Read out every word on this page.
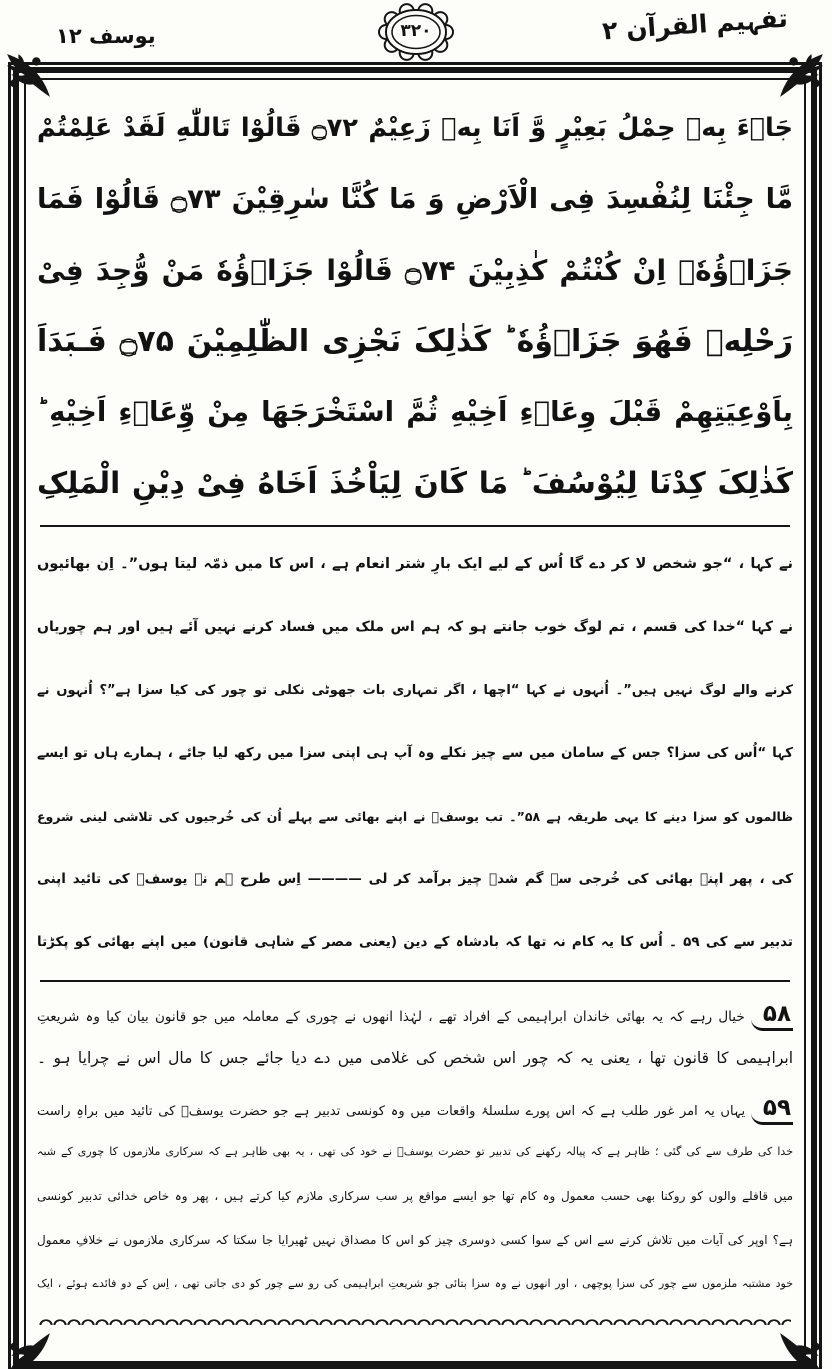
تفہیم القرآن ۲
یوسف ۱۲	۳۲۰
جَاۤءَ بِهٖ حِمْلُ بَعِیْرٍ وَّ اَنَا بِهٖ زَعِیْمٌ ۝۷۲ قَالُوْا تَاللّٰهِ لَقَدْ عَلِمْتُمْ
مَّا جِئْنَا لِنُفْسِدَ فِی الْاَرْضِ وَ مَا کُنَّا سٰرِقِیْنَ ۝۷۳ قَالُوْا فَمَا
جَزَاۤؤُهٗۤ اِنْ کُنْتُمْ کٰذِبِیْنَ ۝۷۴ قَالُوْا جَزَاۤؤُهٗ مَنْ وُّجِدَ فِیْ
رَحْلِهٖ فَهُوَ جَزَاۤؤُهٗ ؕ کَذٰلِکَ نَجْزِی الظّٰلِمِیْنَ ۝۷۵ فَـبَدَاَ
بِاَوْعِیَتِهِمْ قَبْلَ وِعَاۤءِ اَخِیْهِ ثُمَّ اسْتَخْرَجَهَا مِنْ وِّعَاۤءِ اَخِیْهِ ؕ
کَذٰلِکَ کِدْنَا لِیُوْسُفَ ؕ مَا کَانَ لِیَاْخُذَ اَخَاهُ فِیْ دِیْنِ الْمَلِکِ
نے کہا ، “جو شخص لا کر دے گا اُس کے لیے ایک بارِ شتر انعام ہے ، اس کا میں ذمّہ لیتا ہوں”۔ اِن بھائیوں
نے کہا “خدا کی قسم ، تم لوگ خوب جانتے ہو کہ ہم اس ملک میں فساد کرنے نہیں آئے ہیں اور ہم چوریاں
کرنے والے لوگ نہیں ہیں”۔ اُنہوں نے کہا “اچھا ، اگر تمہاری بات جھوٹی نکلی تو چور کی کیا سزا ہے”؟ اُنہوں نے
کہا “اُس کی سزا؟ جس کے سامان میں سے چیز نکلے وہ آپ ہی اپنی سزا میں رکھ لیا جائے ، ہمارے ہاں تو ایسے
ظالموں کو سزا دینے کا یہی طریقہ ہے ۵۸”۔ تب یوسفؑ نے اپنے بھائی سے پہلے اُن کی خُرجیوں کی تلاشی لینی شروع
کی ، پھر اپنے بھائی کی خُرجی سے گم شدہ چیز برآمد کر لی ———— اِس طرح ہم نے یوسفؑ کی تائید اپنی
تدبیر سے کی ۵۹ ۔ اُس کا یہ کام نہ تھا کہ بادشاہ کے دین (یعنی مصر کے شاہی قانون) میں اپنے بھائی کو پکڑتا
۵۸ خیال رہے کہ یہ بھائی خاندان ابراہیمی کے افراد تھے ، لہٰذا انھوں نے چوری کے معاملہ میں جو قانون بیان کیا وہ شریعتِ
ابراہیمی کا قانون تھا ، یعنی یہ کہ چور اس شخص کی غلامی میں دے دیا جائے جس کا مال اس نے چرایا ہو ۔
۵۹ یہاں یہ امر غور طلب ہے کہ اس پورے سلسلۂ واقعات میں وہ کونسی تدبیر ہے جو حضرت یوسفؑ کی تائید میں براہِ راست
خدا کی طرف سے کی گئی ؛ ظاہر ہے کہ پیالہ رکھنے کی تدبیر تو حضرت یوسفؑ نے خود کی تھی ، یہ بھی ظاہر ہے کہ سرکاری ملازموں کا چوری کے شبہ
میں قافلے والوں کو روکنا بھی حسب معمول وہ کام تھا جو ایسے مواقع پر سب سرکاری ملازم کیا کرتے ہیں ، پھر وہ خاص خدائی تدبیر کونسی
ہے؟ اوپر کی آیات میں تلاش کرنے سے اس کے سوا کسی دوسری چیز کو اس کا مصداق نہیں ٹھیرایا جا سکتا کہ سرکاری ملازموں نے خلافِ معمول
خود مشتبہ ملزموں سے چور کی سزا پوچھی ، اور انھوں نے وہ سزا بتائی جو شریعتِ ابراہیمی کی رو سے چور کو دی جاتی تھی ، اِس کے دو فائدے ہوئے ، ایک
